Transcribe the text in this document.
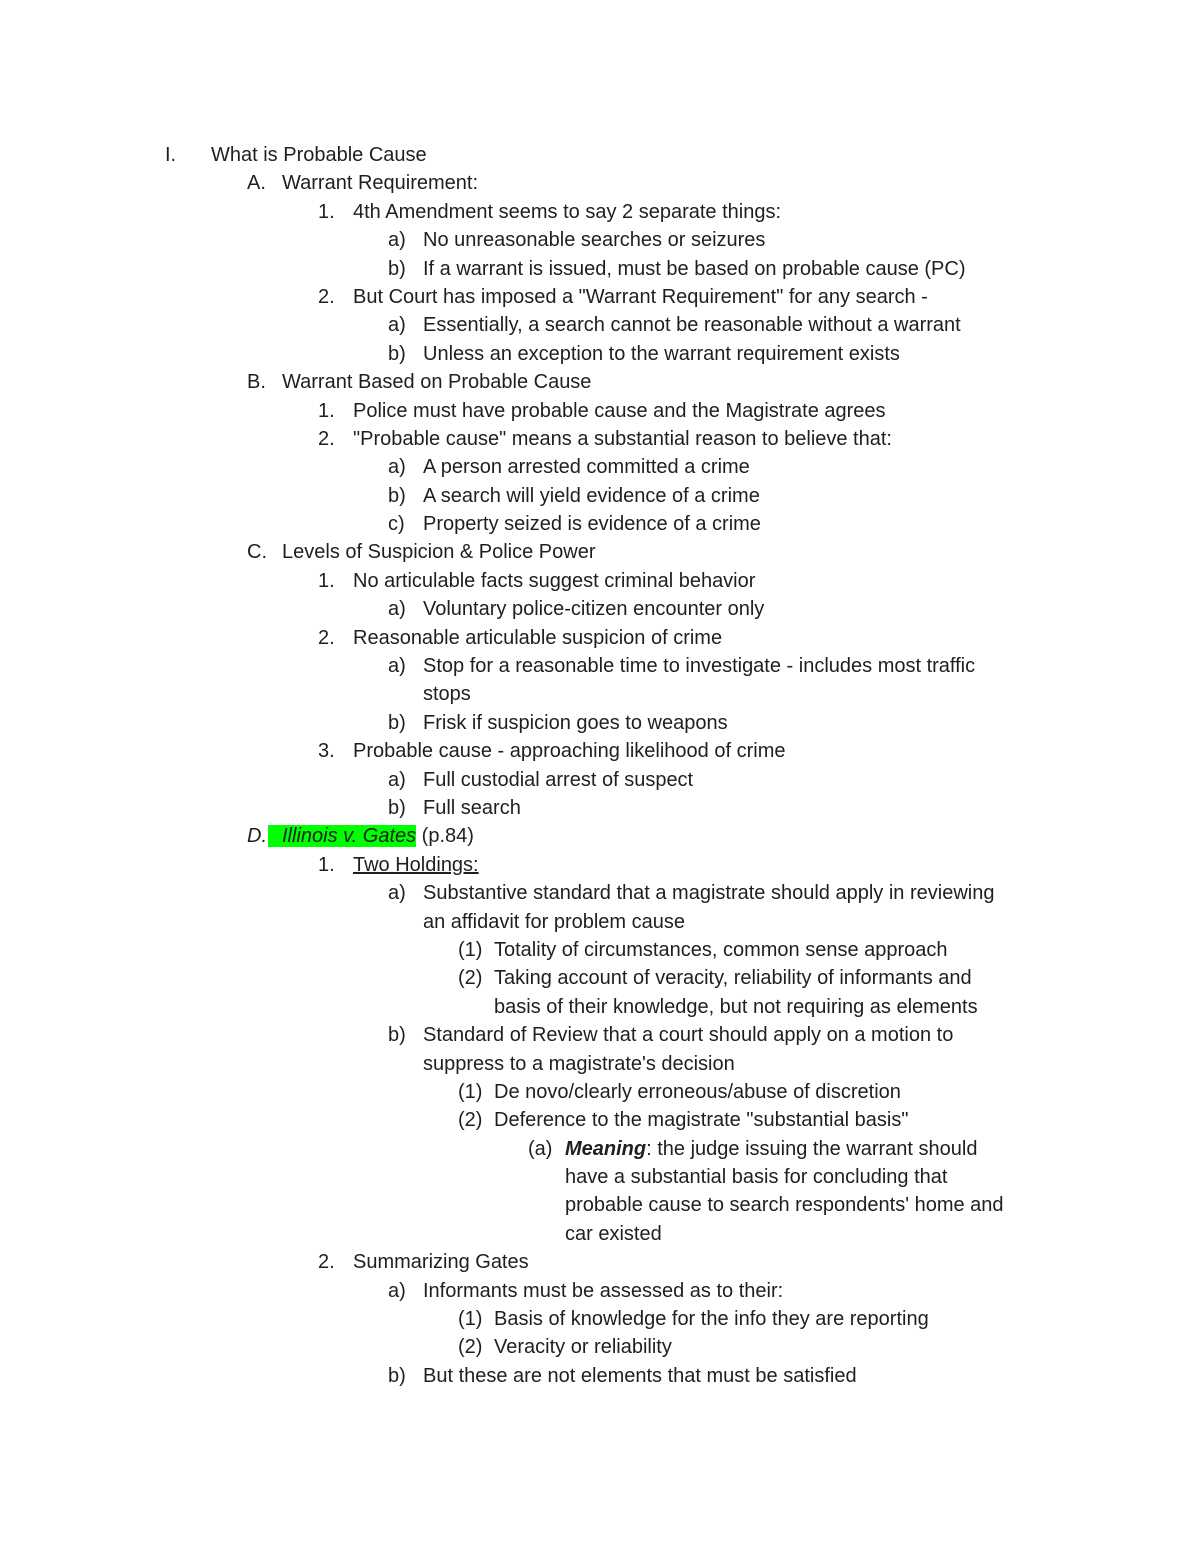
I. What is Probable Cause
A. Warrant Requirement:
1. 4th Amendment seems to say 2 separate things:
a) No unreasonable searches or seizures
b) If a warrant is issued, must be based on probable cause (PC)
2. But Court has imposed a "Warrant Requirement" for any search -
a) Essentially, a search cannot be reasonable without a warrant
b) Unless an exception to the warrant requirement exists
B. Warrant Based on Probable Cause
1. Police must have probable cause and the Magistrate agrees
2. "Probable cause" means a substantial reason to believe that:
a) A person arrested committed a crime
b) A search will yield evidence of a crime
c) Property seized is evidence of a crime
C. Levels of Suspicion & Police Power
1. No articulable facts suggest criminal behavior
a) Voluntary police-citizen encounter only
2. Reasonable articulable suspicion of crime
a) Stop for a reasonable time to investigate - includes most traffic
stops
b) Frisk if suspicion goes to weapons
3. Probable cause - approaching likelihood of crime
a) Full custodial arrest of suspect
b) Full search
D. Illinois v. Gates (p.84)
1. Two Holdings:
a) Substantive standard that a magistrate should apply in reviewing
an affidavit for problem cause
(1) Totality of circumstances, common sense approach
(2) Taking account of veracity, reliability of informants and
basis of their knowledge, but not requiring as elements
b) Standard of Review that a court should apply on a motion to
suppress to a magistrate's decision
(1) De novo/clearly erroneous/abuse of discretion
(2) Deference to the magistrate "substantial basis"
(a) Meaning: the judge issuing the warrant should
have a substantial basis for concluding that
probable cause to search respondents' home and
car existed
2. Summarizing Gates
a) Informants must be assessed as to their:
(1) Basis of knowledge for the info they are reporting
(2) Veracity or reliability
b) But these are not elements that must be satisfied
